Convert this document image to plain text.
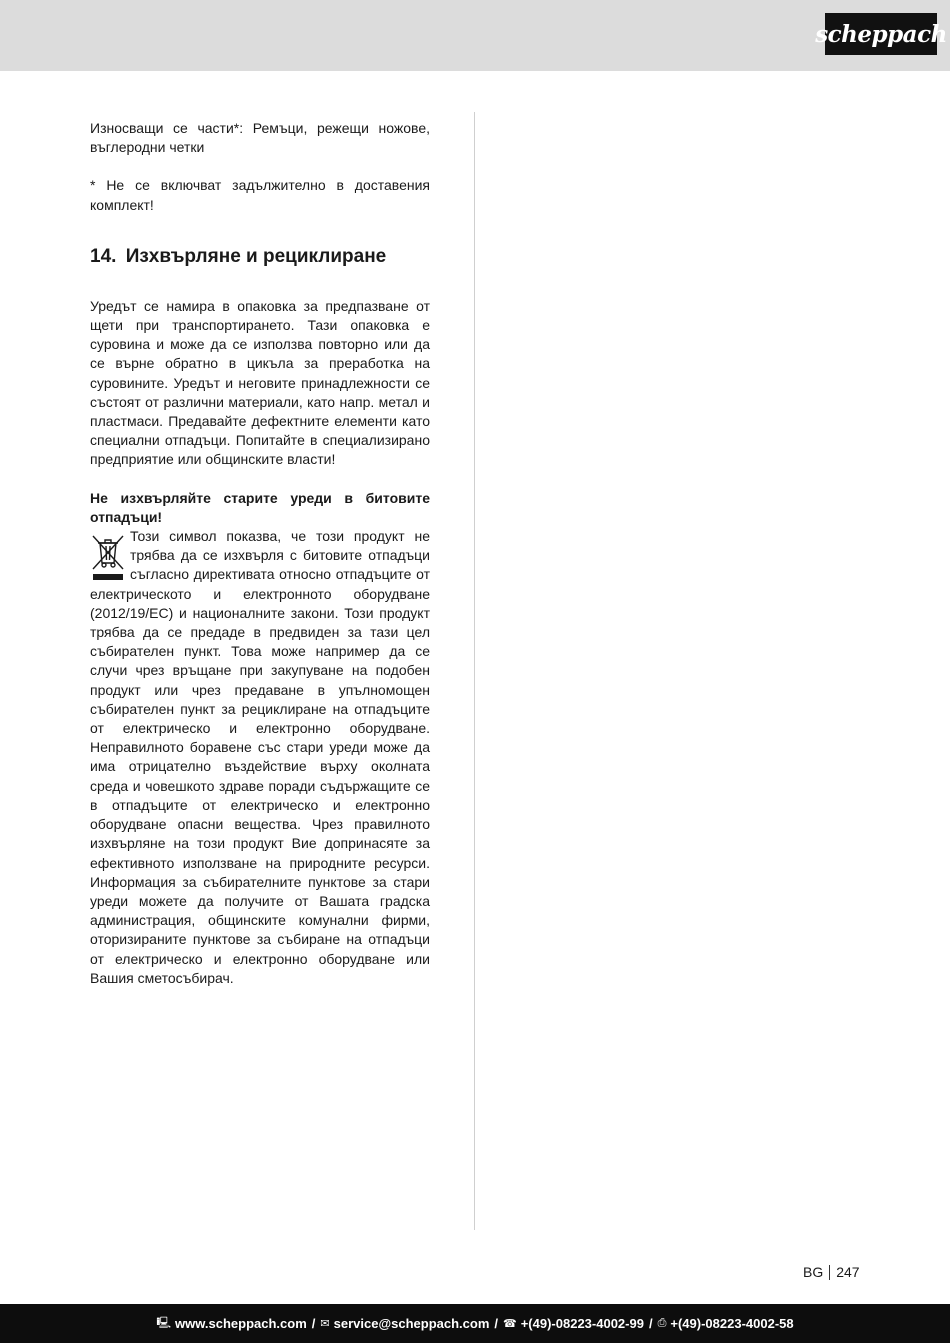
scheppach

Износващи се части*: Ремъци, режещи ножове, въглеродни четки

* Не се включват задължително в доставения комплект!

14. Изхвърляне и рециклиране

Уредът се намира в опаковка за предпазване от щети при транспортирането. Тази опаковка е суровина и може да се използва повторно или да се върне обратно в цикъла за преработка на суровините. Уредът и неговите принадлежности се състоят от различни материали, като напр. метал и пластмаси. Предавайте дефектните елементи като специални отпадъци. Попитайте в специализирано предприятие или общинските власти!

Не изхвърляйте старите уреди в битовите отпадъци!

Този символ показва, че този продукт не трябва да се изхвърля с битовите отпадъци съгласно директивата относно отпадъците от електрическото и електронното оборудване (2012/19/ЕС) и националните закони. Този продукт трябва да се предаде в предвиден за тази цел събирателен пункт. Това може например да се случи чрез връщане при закупуване на подобен продукт или чрез предаване в упълномощен събирателен пункт за рециклиране на отпадъците от електрическо и електронно оборудване. Неправилното боравене със стари уреди може да има отрицателно въздействие върху околната среда и човешкото здраве поради съдържащите се в отпадъците от електрическо и електронно оборудване опасни вещества. Чрез правилното изхвърляне на този продукт Вие допринасяте за ефективното използване на природните ресурси. Информация за събирателните пунктове за стари уреди можете да получите от Вашата градска администрация, общинските комунални фирми, оторизираните пунктове за събиране на отпадъци от електрическо и електронно оборудване или Вашия сметосъбирач.

BG 247
🖳 www.scheppach.com / ✉ service@scheppach.com / ☎ +(49)-08223-4002-99 / ⎙ +(49)-08223-4002-58
